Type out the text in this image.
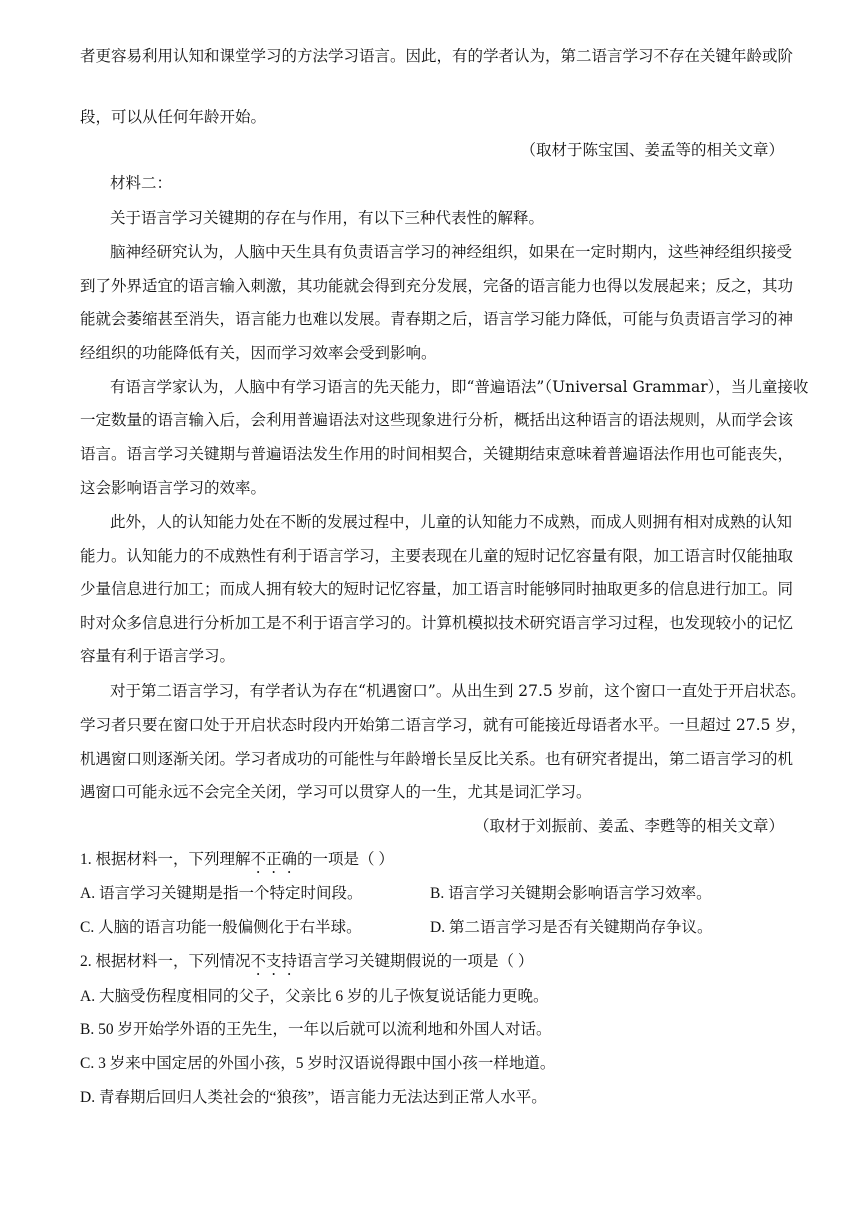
者更容易利用认知和课堂学习的方法学习语言。因此，有的学者认为，第二语言学习不存在关键年龄或阶
段，可以从任何年龄开始。
（取材于陈宝国、姜孟等的相关文章）
材料二：
关于语言学习关键期的存在与作用，有以下三种代表性的解释。
脑神经研究认为，人脑中天生具有负责语言学习的神经组织，如果在一定时期内，这些神经组织接受
到了外界适宜的语言输入刺激，其功能就会得到充分发展，完备的语言能力也得以发展起来；反之，其功
能就会萎缩甚至消失，语言能力也难以发展。青春期之后，语言学习能力降低，可能与负责语言学习的神
经组织的功能降低有关，因而学习效率会受到影响。
有语言学家认为，人脑中有学习语言的先天能力，即“普遍语法”（Universal Grammar），当儿童接收
一定数量的语言输入后，会利用普遍语法对这些现象进行分析，概括出这种语言的语法规则，从而学会该
语言。语言学习关键期与普遍语法发生作用的时间相契合，关键期结束意味着普遍语法作用也可能丧失，
这会影响语言学习的效率。
此外，人的认知能力处在不断的发展过程中，儿童的认知能力不成熟，而成人则拥有相对成熟的认知
能力。认知能力的不成熟性有利于语言学习，主要表现在儿童的短时记忆容量有限，加工语言时仅能抽取
少量信息进行加工；而成人拥有较大的短时记忆容量，加工语言时能够同时抽取更多的信息进行加工。同
时对众多信息进行分析加工是不利于语言学习的。计算机模拟技术研究语言学习过程，也发现较小的记忆
容量有利于语言学习。
对于第二语言学习，有学者认为存在“机遇窗口”。从出生到 27.5 岁前，这个窗口一直处于开启状态。
学习者只要在窗口处于开启状态时段内开始第二语言学习，就有可能接近母语者水平。一旦超过 27.5 岁，
机遇窗口则逐渐关闭。学习者成功的可能性与年龄增长呈反比关系。也有研究者提出，第二语言学习的机
遇窗口可能永远不会完全关闭，学习可以贯穿人的一生，尤其是词汇学习。
（取材于刘振前、姜孟、李甦等的相关文章）
1. 根据材料一，下列理解不正确的一项是（ ）
A. 语言学习关键期是指一个特定时间段。	B. 语言学习关键期会影响语言学习效率。
C. 人脑的语言功能一般偏侧化于右半球。	D. 第二语言学习是否有关键期尚存争议。
2. 根据材料一，下列情况不支持语言学习关键期假说的一项是（ ）
A. 大脑受伤程度相同的父子，父亲比 6 岁的儿子恢复说话能力更晚。
B. 50 岁开始学外语的王先生，一年以后就可以流利地和外国人对话。
C. 3 岁来中国定居的外国小孩，5 岁时汉语说得跟中国小孩一样地道。
D. 青春期后回归人类社会的“狼孩”，语言能力无法达到正常人水平。
